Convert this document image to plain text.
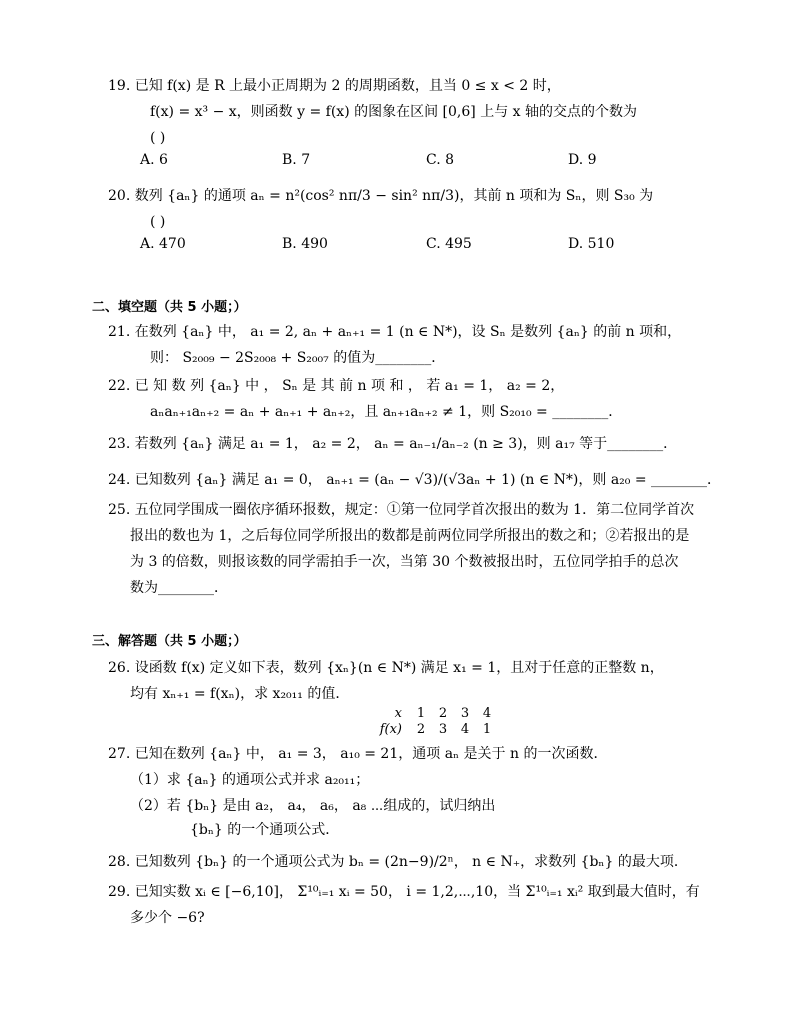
19. 已知 f(x) 是 R 上最小正周期为 2 的周期函数，且当 0 ≤ x < 2 时，
f(x) = x³ − x，则函数 y = f(x) 的图象在区间 [0,6] 上与 x 轴的交点的个数为
( )
A. 6	B. 7	C. 8	D. 9
20. 数列 {aₙ} 的通项 aₙ = n²(cos² nπ/3 − sin² nπ/3)，其前 n 项和为 Sₙ，则 S₃₀ 为
( )
A. 470	B. 490	C. 495	D. 510
二、填空题（共 5 小题；）
21. 在数列 {aₙ} 中， a₁ = 2, aₙ + aₙ₊₁ = 1 (n ∈ N*)，设 Sₙ 是数列 {aₙ} 的前 n 项和，
则： S₂₀₀₉ − 2S₂₀₀₈ + S₂₀₀₇ 的值为________．
22. 已 知 数 列 {aₙ} 中 ， Sₙ 是 其 前 n 项 和 ， 若 a₁ = 1， a₂ = 2，
aₙaₙ₊₁aₙ₊₂ = aₙ + aₙ₊₁ + aₙ₊₂，且 aₙ₊₁aₙ₊₂ ≠ 1，则 S₂₀₁₀ = ________．
23. 若数列 {aₙ} 满足 a₁ = 1， a₂ = 2， aₙ = aₙ₋₁/aₙ₋₂ (n ≥ 3)，则 a₁₇ 等于________．
24. 已知数列 {aₙ} 满足 a₁ = 0， aₙ₊₁ = (aₙ − √3)/(√3aₙ + 1) (n ∈ N*)，则 a₂₀ = ________．
25. 五位同学围成一圈依序循环报数，规定：①第一位同学首次报出的数为 1．第二位同学首次
报出的数也为 1，之后每位同学所报出的数都是前两位同学所报出的数之和；②若报出的是
为 3 的倍数，则报该数的同学需拍手一次，当第 30 个数被报出时，五位同学拍手的总次
数为________．
三、解答题（共 5 小题；）
26. 设函数 f(x) 定义如下表，数列 {xₙ}(n ∈ N*) 满足 x₁ = 1，且对于任意的正整数 n，
均有 xₙ₊₁ = f(xₙ)，求 x₂₀₁₁ 的值．
x	1	2	3	4
f(x)	2	3	4	1
27. 已知在数列 {aₙ} 中， a₁ = 3， a₁₀ = 21，通项 aₙ 是关于 n 的一次函数．
（1）求 {aₙ} 的通项公式并求 a₂₀₁₁；
（2）若 {bₙ} 是由 a₂， a₄， a₆， a₈ ⋯组成的，试归纳出
{bₙ} 的一个通项公式．
28. 已知数列 {bₙ} 的一个通项公式为 bₙ = (2n−9)/2ⁿ， n ∈ N₊，求数列 {bₙ} 的最大项．
29. 已知实数 xᵢ ∈ [−6,10]， Σ¹⁰ᵢ₌₁ xᵢ = 50， i = 1,2,⋯,10，当 Σ¹⁰ᵢ₌₁ xᵢ² 取到最大值时，有
多少个 −6?
